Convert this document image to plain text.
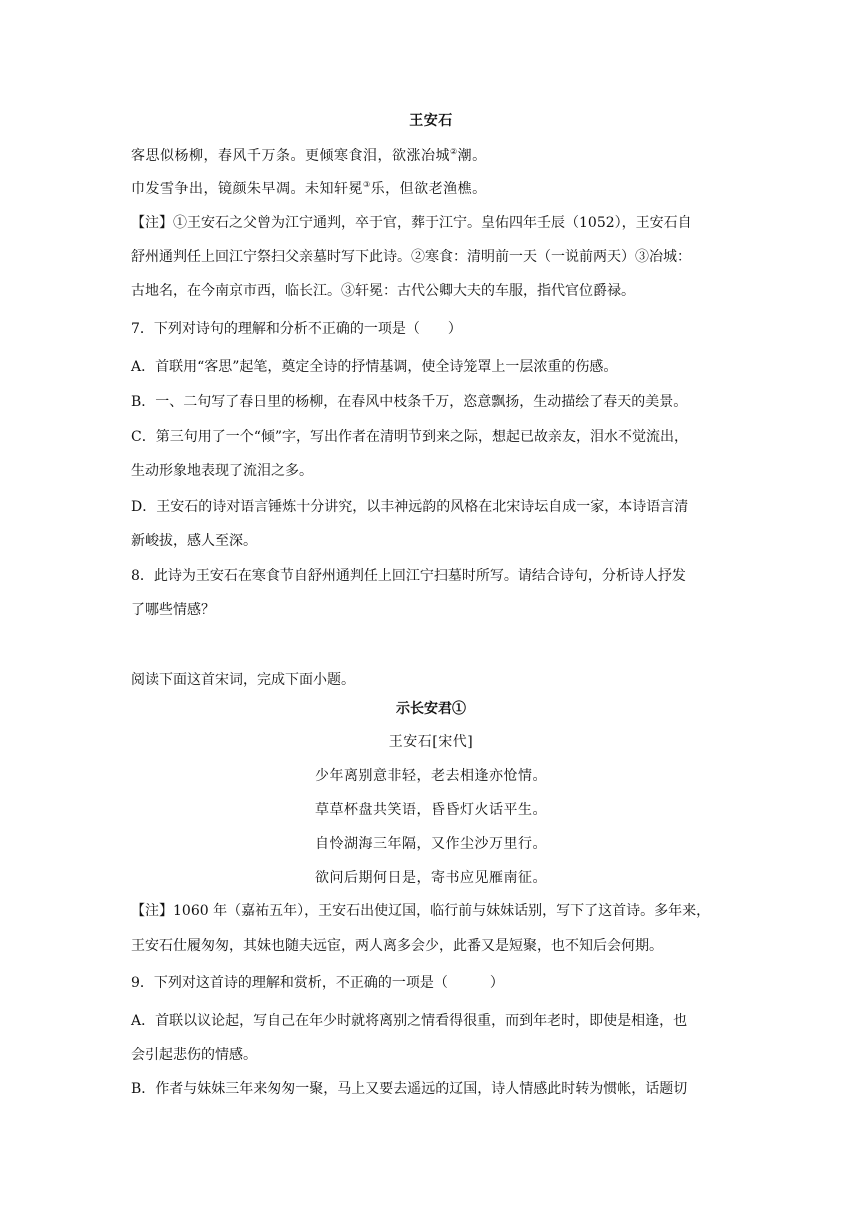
王安石
客思似杨柳，春风千万条。更倾寒食泪，欲涨冶城②潮。
巾发雪争出，镜颜朱早凋。未知轩冕③乐，但欲老渔樵。
【注】①王安石之父曾为江宁通判，卒于官，葬于江宁。皇佑四年壬辰（1052），王安石自
舒州通判任上回江宁祭扫父亲墓时写下此诗。②寒食：清明前一天（一说前两天）③冶城：
古地名，在今南京市西，临长江。③轩冕：古代公卿大夫的车服，指代官位爵禄。
7．下列对诗句的理解和分析不正确的一项是（　　）
A．首联用“客思”起笔，奠定全诗的抒情基调，使全诗笼罩上一层浓重的伤感。
B．一、二句写了春日里的杨柳，在春风中枝条千万，恣意飘扬，生动描绘了春天的美景。
C．第三句用了一个“倾”字，写出作者在清明节到来之际，想起已故亲友，泪水不觉流出，
生动形象地表现了流泪之多。
D．王安石的诗对语言锤炼十分讲究，以丰神远韵的风格在北宋诗坛自成一家，本诗语言清
新峻拔，感人至深。
8．此诗为王安石在寒食节自舒州通判任上回江宁扫墓时所写。请结合诗句，分析诗人抒发
了哪些情感？
阅读下面这首宋词，完成下面小题。
示长安君①
王安石[宋代]
少年离别意非轻，老去相逢亦怆情。
草草杯盘共笑语，昏昏灯火话平生。
自怜湖海三年隔，又作尘沙万里行。
欲问后期何日是，寄书应见雁南征。
【注】1060 年（嘉祐五年），王安石出使辽国，临行前与妹妹话别，写下了这首诗。多年来，
王安石仕履匆匆，其妹也随夫远宦，两人离多会少，此番又是短聚，也不知后会何期。
9．下列对这首诗的理解和赏析，不正确的一项是（　　　）
A．首联以议论起，写自己在年少时就将离别之情看得很重，而到年老时，即使是相逢，也
会引起悲伤的情感。
B．作者与妹妹三年来匆匆一聚，马上又要去遥远的辽国，诗人情感此时转为惯帐，话题切
